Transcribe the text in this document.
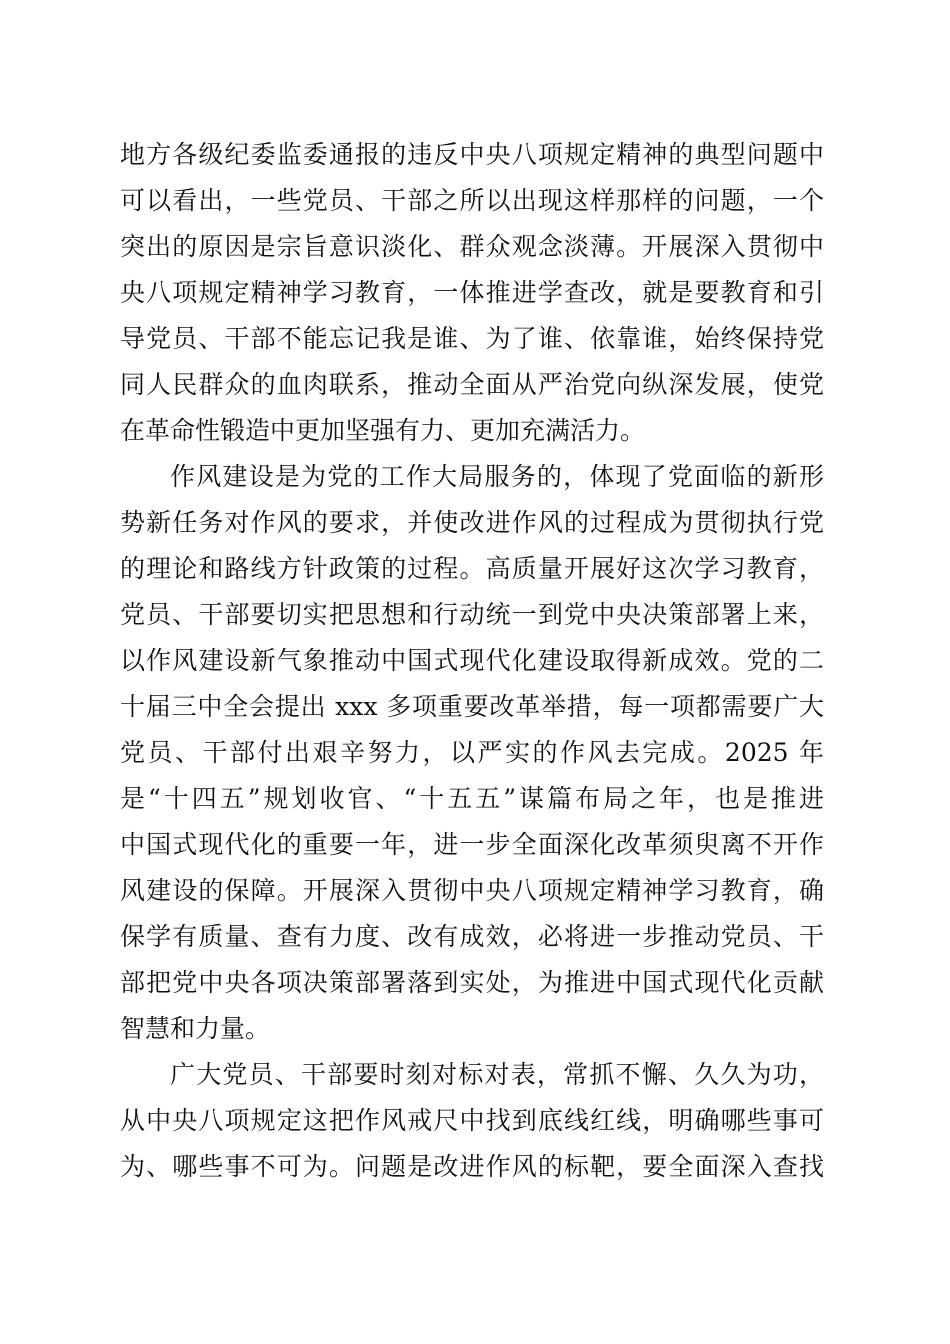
地方各级纪委监委通报的违反中央八项规定精神的典型问题中
可以看出，一些党员、干部之所以出现这样那样的问题，一个
突出的原因是宗旨意识淡化、群众观念淡薄。开展深入贯彻中
央八项规定精神学习教育，一体推进学查改，就是要教育和引
导党员、干部不能忘记我是谁、为了谁、依靠谁，始终保持党
同人民群众的血肉联系，推动全面从严治党向纵深发展，使党
在革命性锻造中更加坚强有力、更加充满活力。
作风建设是为党的工作大局服务的，体现了党面临的新形
势新任务对作风的要求，并使改进作风的过程成为贯彻执行党
的理论和路线方针政策的过程。高质量开展好这次学习教育，
党员、干部要切实把思想和行动统一到党中央决策部署上来，
以作风建设新气象推动中国式现代化建设取得新成效。党的二
十届三中全会提出 xxx 多项重要改革举措，每一项都需要广大
党员、干部付出艰辛努力，以严实的作风去完成。2025 年
是“十四五”规划收官、“十五五”谋篇布局之年，也是推进
中国式现代化的重要一年，进一步全面深化改革须臾离不开作
风建设的保障。开展深入贯彻中央八项规定精神学习教育，确
保学有质量、查有力度、改有成效，必将进一步推动党员、干
部把党中央各项决策部署落到实处，为推进中国式现代化贡献
智慧和力量。
广大党员、干部要时刻对标对表，常抓不懈、久久为功，
从中央八项规定这把作风戒尺中找到底线红线，明确哪些事可
为、哪些事不可为。问题是改进作风的标靶，要全面深入查找
